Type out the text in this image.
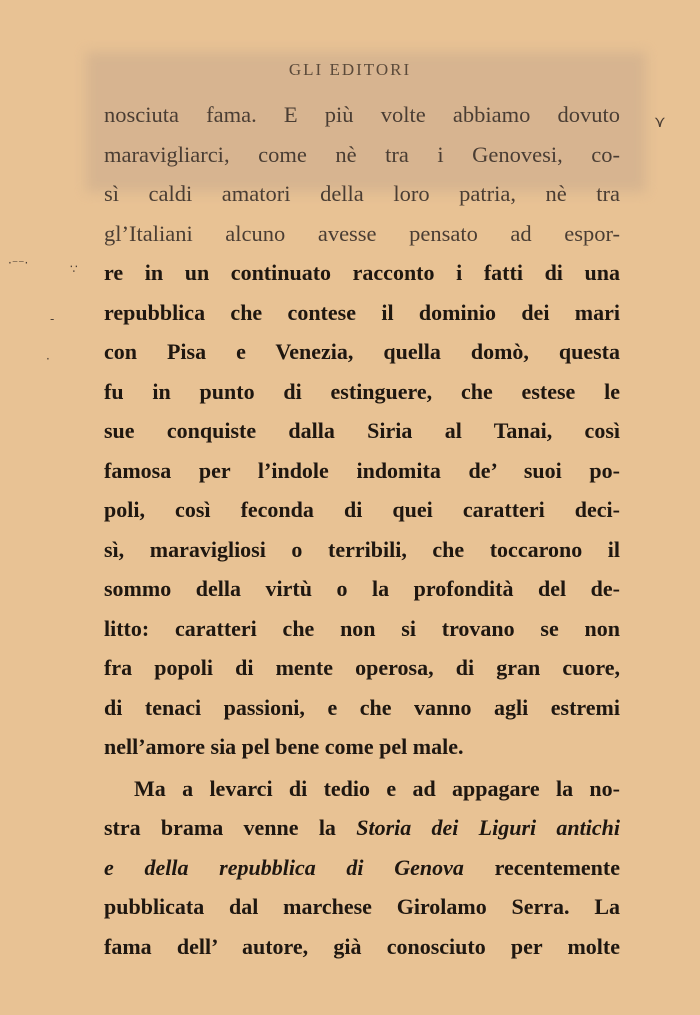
GLI EDITORI
⋎
·⁻⁻·	∵
-
·
nosciuta fama. E più volte abbiamo dovuto
maravigliarci, come nè tra i Genovesi, co-
sì caldi amatori della loro patria, nè tra
gl’Italiani alcuno avesse pensato ad espor-
re in un continuato racconto i fatti di una
repubblica che contese il dominio dei mari
con Pisa e Venezia, quella domò, questa
fu in punto di estinguere, che estese le
sue conquiste dalla Siria al Tanai, così
famosa per l’indole indomita de’ suoi po-
poli, così feconda di quei caratteri deci-
sì, maravigliosi o terribili, che toccarono il
sommo della virtù o la profondità del de-
litto: caratteri che non si trovano se non
fra popoli di mente operosa, di gran cuore,
di tenaci passioni, e che vanno agli estremi
nell’amore sia pel bene come pel male.
Ma a levarci di tedio e ad appagare la no-
stra brama venne la Storia dei Liguri antichi
e della repubblica di Genova recentemente
pubblicata dal marchese Girolamo Serra. La
fama dell’ autore, già conosciuto per molte
